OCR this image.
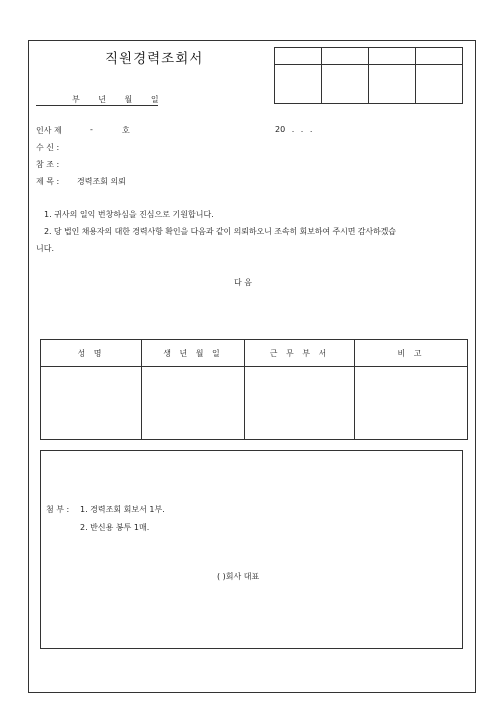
직원경력조회서

부 년 월 일
인사 제	-	호	20 . . .
수 신 :
참 조 :
제 목 : 경력조회 의뢰
1. 귀사의 일익 번창하심을 진심으로 기원합니다.
2. 당 법인 채용자의 대한 경력사항 확인을 다음과 같이 의뢰하오니 조속히 회보하여 주시면 감사하겠습
니다.
다 음
성 명	생 년 월 일	근 무 부 서	비 고

첨 부 : 1. 경력조회 회보서 1부.
2. 반신용 봉투 1매.
( )회사 대표
